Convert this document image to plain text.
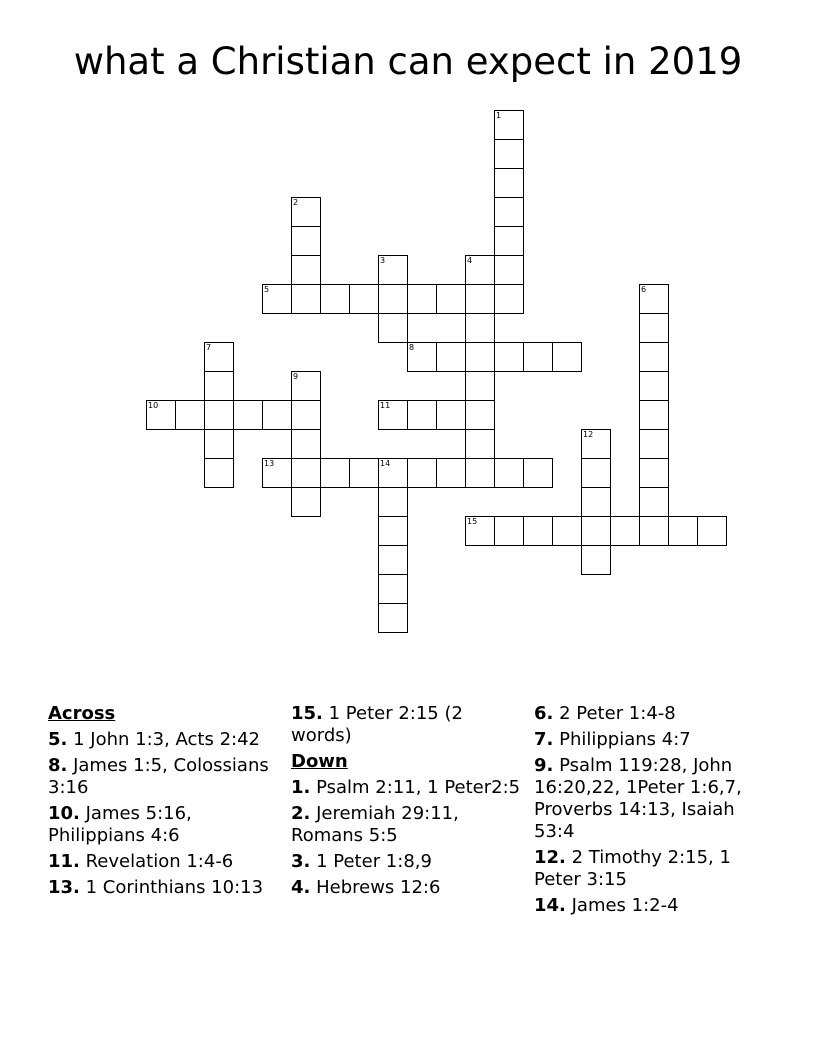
what a Christian can expect in 2019
1
2
3	4
5	6
7	8
9
10	11
12
13	14
15
Across
5. 1 John 1:3, Acts 2:42
8. James 1:5, Colossians 3:16
10. James 5:16, Philippians 4:6
11. Revelation 1:4-6
13. 1 Corinthians 10:13
15. 1 Peter 2:15 (2 words)
Down
1. Psalm 2:11, 1 Peter2:5
2. Jeremiah 29:11, Romans 5:5
3. 1 Peter 1:8,9
4. Hebrews 12:6
6. 2 Peter 1:4-8
7. Philippians 4:7
9. Psalm 119:28, John 16:20,22, 1Peter 1:6,7, Proverbs 14:13, Isaiah 53:4
12. 2 Timothy 2:15, 1 Peter 3:15
14. James 1:2-4
